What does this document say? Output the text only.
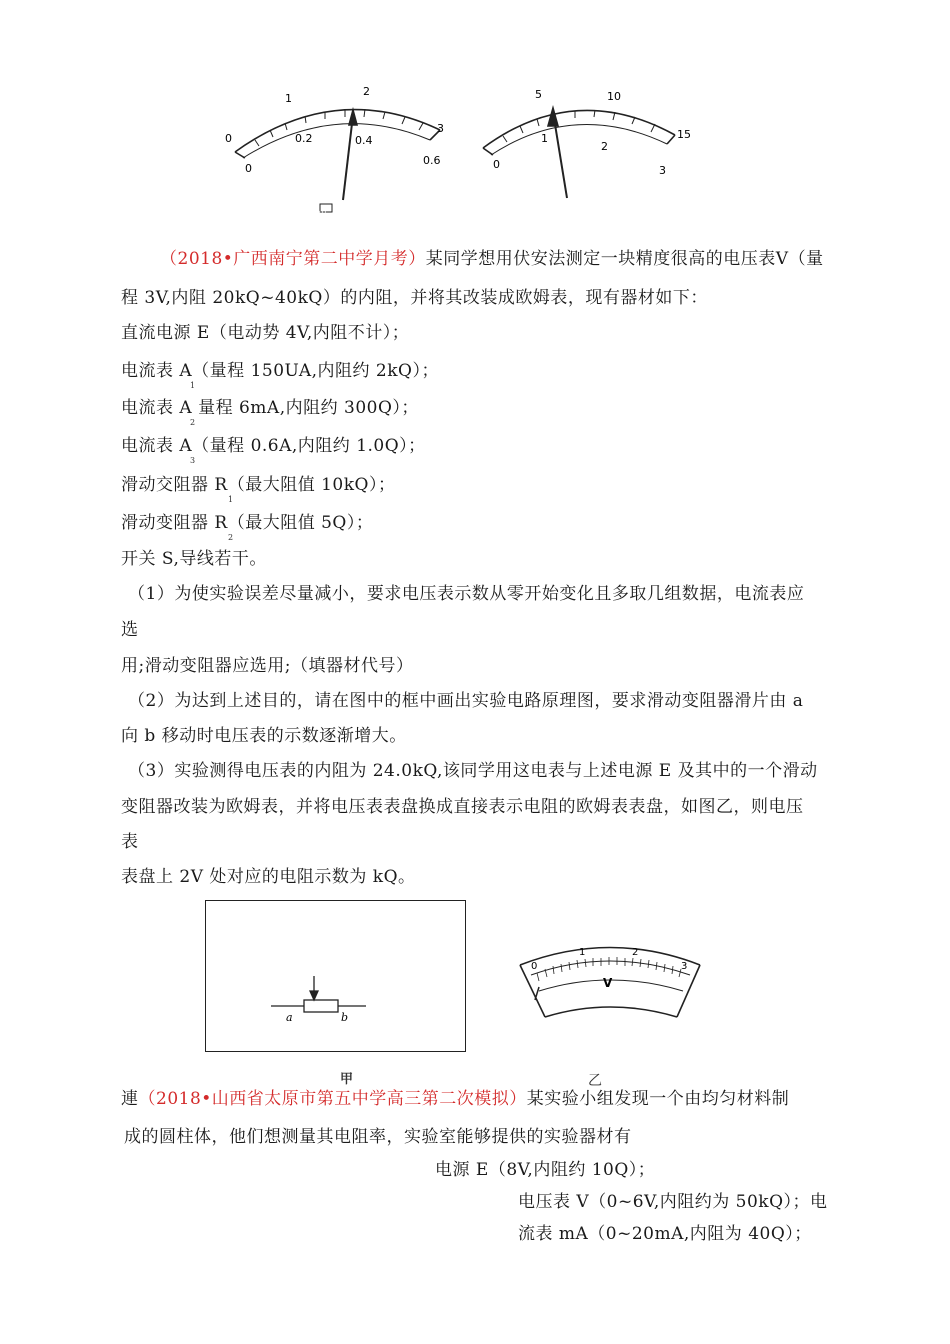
0
1
2
3
0
0.2	0.4
0.6
甲
5	10
15
0
1
2
3
（2018•广西南宁第二中学月考）某同学想用伏安法测定一块精度很高的电压表V（量
程 3V,内阻 20kQ~40kQ）的内阻，并将其改装成欧姆表，现有器材如下：
直流电源 E（电动势 4V,内阻不计）；
电流表 A（量程 150UA,内阻约 2kQ）；
1
电流表 A 量程 6mA,内阻约 300Q）；
2
电流表 A（量程 0.6A,内阻约 1.0Q）；
3
滑动交阻器 R（最大阻值 10kQ）；
1
滑动变阻器 R（最大阻值 5Q）；
2
开关 S,导线若干。
（1）为使实验误差尽量减小，要求电压表示数从零开始变化且多取几组数据，电流表应
选
用;滑动变阻器应选用;（填器材代号）
（2）为达到上述目的，请在图中的框中画出实验电路原理图，要求滑动变阻器滑片由 a
向 b 移动时电压表的示数逐渐增大。
（3）实验测得电压表的内阻为 24.0kQ,该同学用这电表与上述电源 E 及其中的一个滑动
变阻器改装为欧姆表，并将电压表表盘换成直接表示电阻的欧姆表表盘，如图乙，则电压
表
表盘上 2V 处对应的电阻示数为 kQ。
a	b
甲
0
1	2
3
V
乙
連（2018•山西省太原市第五中学高三第二次模拟）某实验小组发现一个由均匀材料制
成的圆柱体，他们想测量其电阻率，实验室能够提供的实验器材有
电源 E（8V,内阻约 10Q）；
电压表 V（0~6V,内阻约为 50kQ）；电
流表 mA（0~20mA,内阻为 40Q）；
